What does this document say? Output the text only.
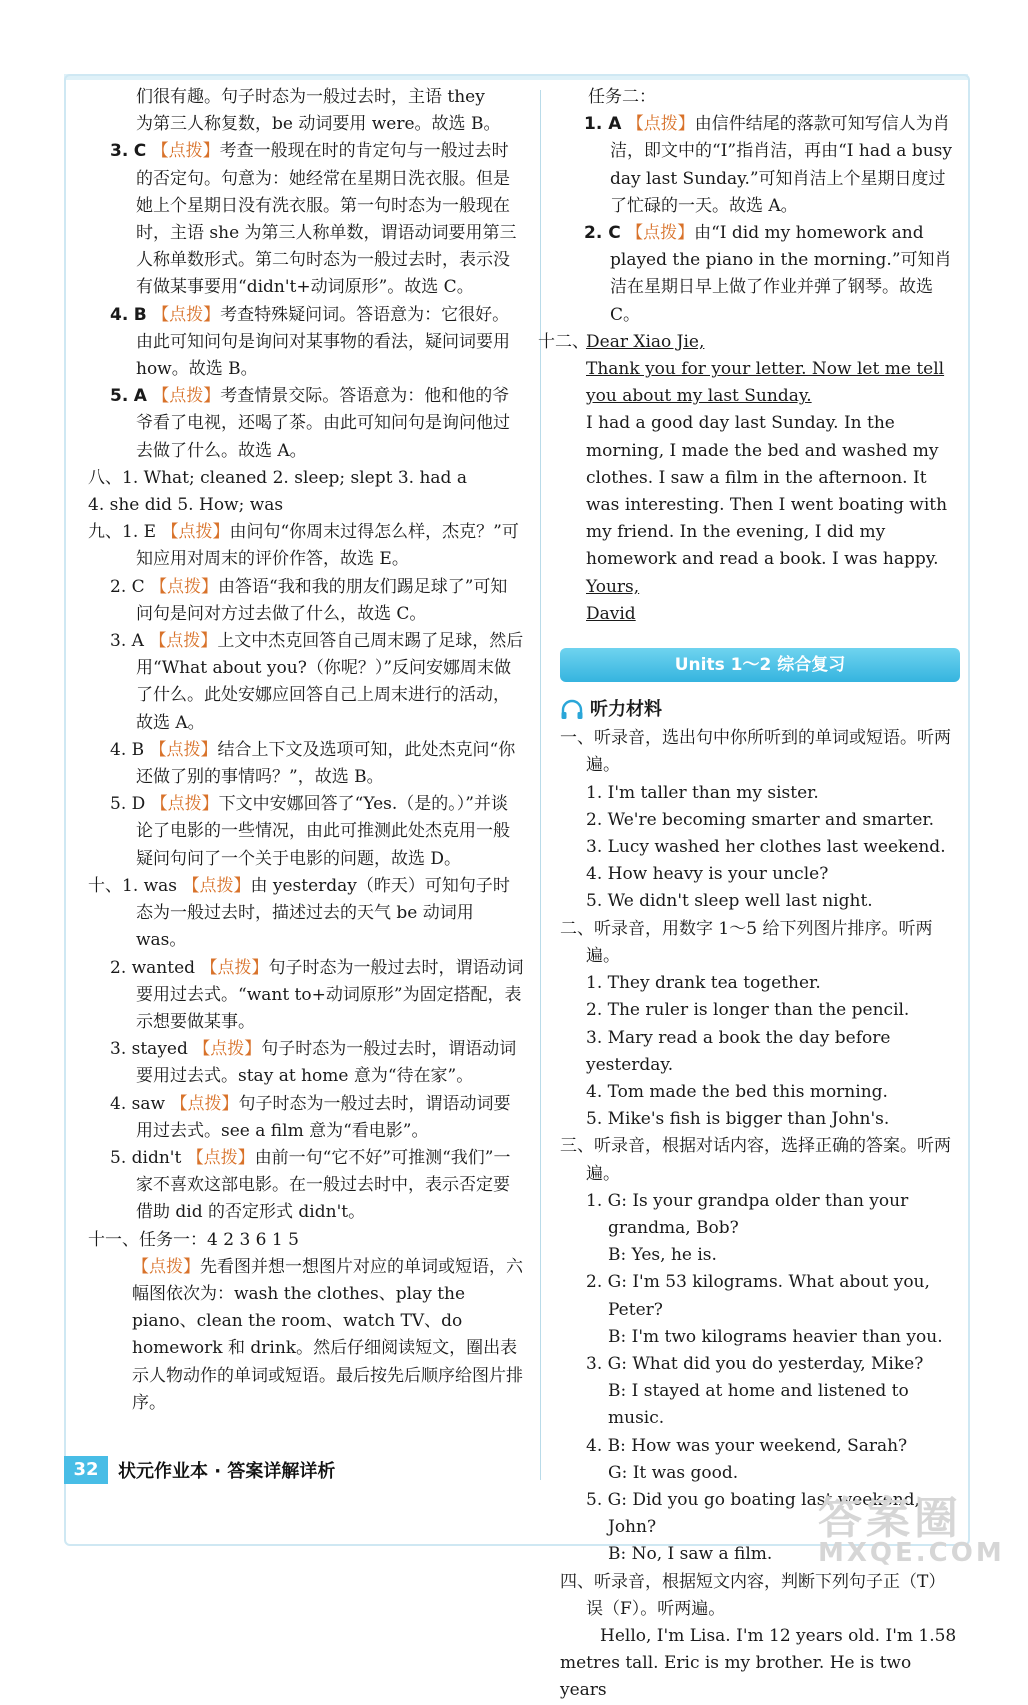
们很有趣。句子时态为一般过去时，主语 they

为第三人称复数，be 动词要用 were。故选 B。

3. C 【点拨】考查一般现在时的肯定句与一般过去时的否定句。句意为：她经常在星期日洗衣服。但是她上个星期日没有洗衣服。第一句时态为一般现在时，主语 she 为第三人称单数，谓语动词要用第三人称单数形式。第二句时态为一般过去时，表示没有做某事要用“didn't+动词原形”。故选 C。

4. B 【点拨】考查特殊疑问词。答语意为：它很好。由此可知问句是询问对某事物的看法，疑问词要用 how。故选 B。

5. A 【点拨】考查情景交际。答语意为：他和他的爷爷看了电视，还喝了茶。由此可知问句是询问他过去做了什么。故选 A。

八、1. What; cleaned 2. sleep; slept 3. had a

4. she did 5. How; was

九、1. E 【点拨】由问句“你周末过得怎么样，杰克？”可知应用对周末的评价作答，故选 E。

2. C 【点拨】由答语“我和我的朋友们踢足球了”可知问句是问对方过去做了什么，故选 C。

3. A 【点拨】上文中杰克回答自己周末踢了足球，然后用“What about you?（你呢？）”反问安娜周末做了什么。此处安娜应回答自己上周末进行的活动，故选 A。

4. B 【点拨】结合上下文及选项可知，此处杰克问“你还做了别的事情吗？”，故选 B。

5. D 【点拨】下文中安娜回答了“Yes.（是的。）”并谈论了电影的一些情况，由此可推测此处杰克用一般疑问句问了一个关于电影的问题，故选 D。

十、1. was 【点拨】由 yesterday（昨天）可知句子时态为一般过去时，描述过去的天气 be 动词用 was。

2. wanted 【点拨】句子时态为一般过去时，谓语动词要用过去式。“want to+动词原形”为固定搭配，表示想要做某事。

3. stayed 【点拨】句子时态为一般过去时，谓语动词要用过去式。stay at home 意为“待在家”。

4. saw 【点拨】句子时态为一般过去时，谓语动词要用过去式。see a film 意为“看电影”。

5. didn't 【点拨】由前一句“它不好”可推测“我们”一家不喜欢这部电影。在一般过去时中，表示否定要借助 did 的否定形式 didn't。

十一、任务一：4 2 3 6 1 5

【点拨】先看图并想一想图片对应的单词或短语，六幅图依次为：wash the clothes、play the piano、clean the room、watch TV、do homework 和 drink。然后仔细阅读短文，圈出表示人物动作的单词或短语。最后按先后顺序给图片排序。

任务二：

1. A 【点拨】由信件结尾的落款可知写信人为肖洁，即文中的“I”指肖洁，再由“I had a busy day last Sunday.”可知肖洁上个星期日度过了忙碌的一天。故选 A。

2. C 【点拨】由“I did my homework and played the piano in the morning.”可知肖洁在星期日早上做了作业并弹了钢琴。故选 C。

十二、

Dear Xiao Jie,

Thank you for your letter. Now let me tell you about my last Sunday.

I had a good day last Sunday. In the morning, I made the bed and washed my clothes. I saw a film in the afternoon. It was interesting. Then I went boating with my friend. In the evening, I did my homework and read a book. I was happy.

Yours,

David

Units 1～2 综合复习
听力材料

一、听录音，选出句中你所听到的单词或短语。听两遍。

1. I'm taller than my sister.

2. We're becoming smarter and smarter.

3. Lucy washed her clothes last weekend.

4. How heavy is your uncle?

5. We didn't sleep well last night.

二、听录音，用数字 1～5 给下列图片排序。听两遍。

1. They drank tea together.

2. The ruler is longer than the pencil.

3. Mary read a book the day before yesterday.

4. Tom made the bed this morning.

5. Mike's fish is bigger than John's.

三、听录音，根据对话内容，选择正确的答案。听两遍。

1. G: Is your grandpa older than your grandma, Bob?

B: Yes, he is.

2. G: I'm 53 kilograms. What about you, Peter?

B: I'm two kilograms heavier than you.

3. G: What did you do yesterday, Mike?

B: I stayed at home and listened to music.

4. B: How was your weekend, Sarah?

G: It was good.

5. G: Did you go boating last weekend, John?

B: No, I saw a film.

四、听录音，根据短文内容，判断下列句子正（T）误（F）。听两遍。

Hello, I'm Lisa. I'm 12 years old. I'm 1.58 metres tall. Eric is my brother. He is two years

32	状元作业本 · 答案详解详析
答案圈
MXQE.COM
